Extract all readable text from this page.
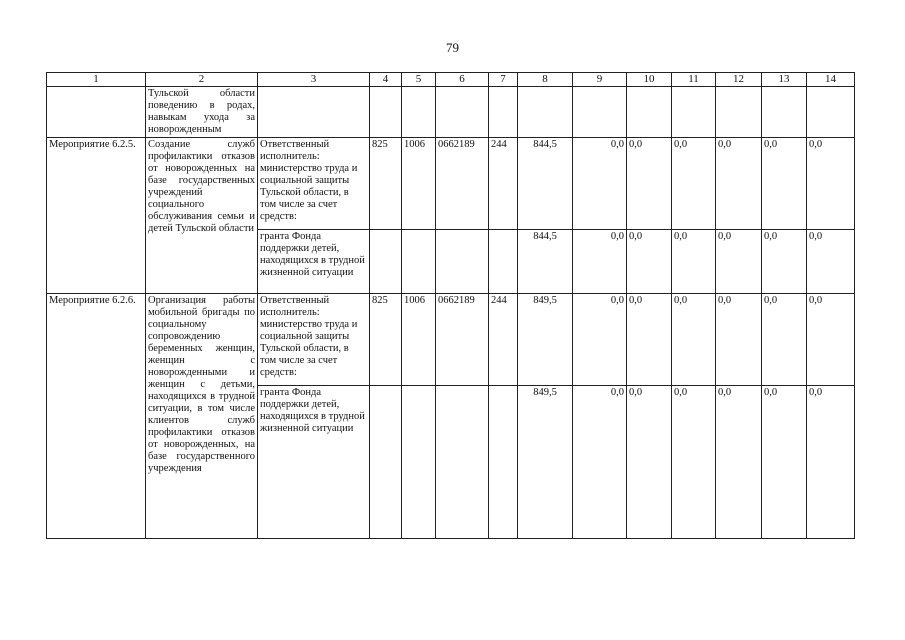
79
1	2	3	4	5	6	7	8	9	10	11	12	13	14
	Тульской области поведению в родах, навыкам ухода за новорожденным												
Мероприятие 6.2.5.	Создание служб профилактики отказов от новорожденных на базе государственных учреждений социального обслуживания семьи и детей Тульской области	Ответственный исполнитель: министерство труда и социальной защиты Тульской области, в том числе за счет средств:	825	1006	0662189	244	844,5	0,0	0,0	0,0	0,0	0,0	0,0
		гранта Фонда поддержки детей, находящихся в трудной жизненной ситуации					844,5	0,0	0,0	0,0	0,0	0,0	0,0
Мероприятие 6.2.6.	Организация работы мобильной бригады по социальному сопровождению беременных женщин, женщин с новорожденными и женщин с детьми, находящихся в трудной ситуации, в том числе клиентов служб профилактики отказов от новорожденных, на базе государственного учреждения	Ответственный исполнитель: министерство труда и социальной защиты Тульской области, в том числе за счет средств:	825	1006	0662189	244	849,5	0,0	0,0	0,0	0,0	0,0	0,0
		гранта Фонда поддержки детей, находящихся в трудной жизненной ситуации					849,5	0,0	0,0	0,0	0,0	0,0	0,0
